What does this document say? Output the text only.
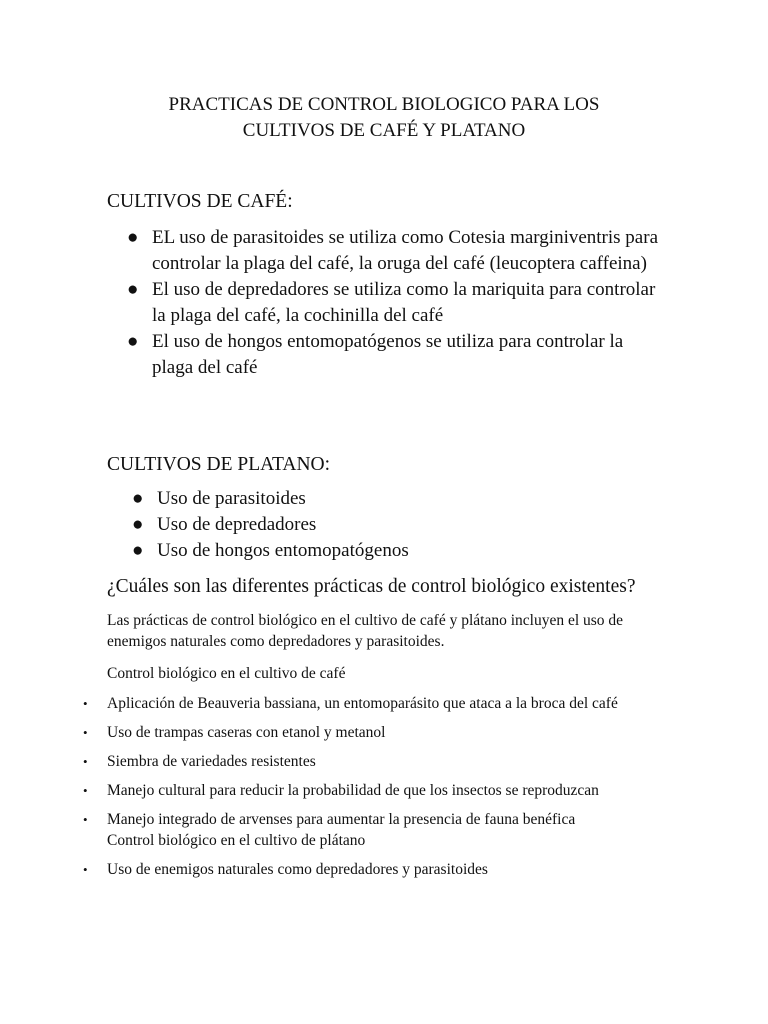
PRACTICAS DE CONTROL BIOLOGICO PARA LOS
CULTIVOS DE CAFÉ Y PLATANO
CULTIVOS DE CAFÉ:
● EL uso de parasitoides se utiliza como Cotesia marginiventris para controlar la plaga del café, la oruga del café (leucoptera caffeina)
● El uso de depredadores se utiliza como la mariquita para controlar la plaga del café, la cochinilla del café
● El uso de hongos entomopatógenos se utiliza para controlar la plaga del café
CULTIVOS DE PLATANO:
● Uso de parasitoides
● Uso de depredadores
● Uso de hongos entomopatógenos
¿Cuáles son las diferentes prácticas de control biológico existentes?
Las prácticas de control biológico en el cultivo de café y plátano incluyen el uso de enemigos naturales como depredadores y parasitoides.
Control biológico en el cultivo de café
• Aplicación de Beauveria bassiana, un entomoparásito que ataca a la broca del café
• Uso de trampas caseras con etanol y metanol
• Siembra de variedades resistentes
• Manejo cultural para reducir la probabilidad de que los insectos se reproduzcan
• Manejo integrado de arvenses para aumentar la presencia de fauna benéfica
Control biológico en el cultivo de plátano
• Uso de enemigos naturales como depredadores y parasitoides
